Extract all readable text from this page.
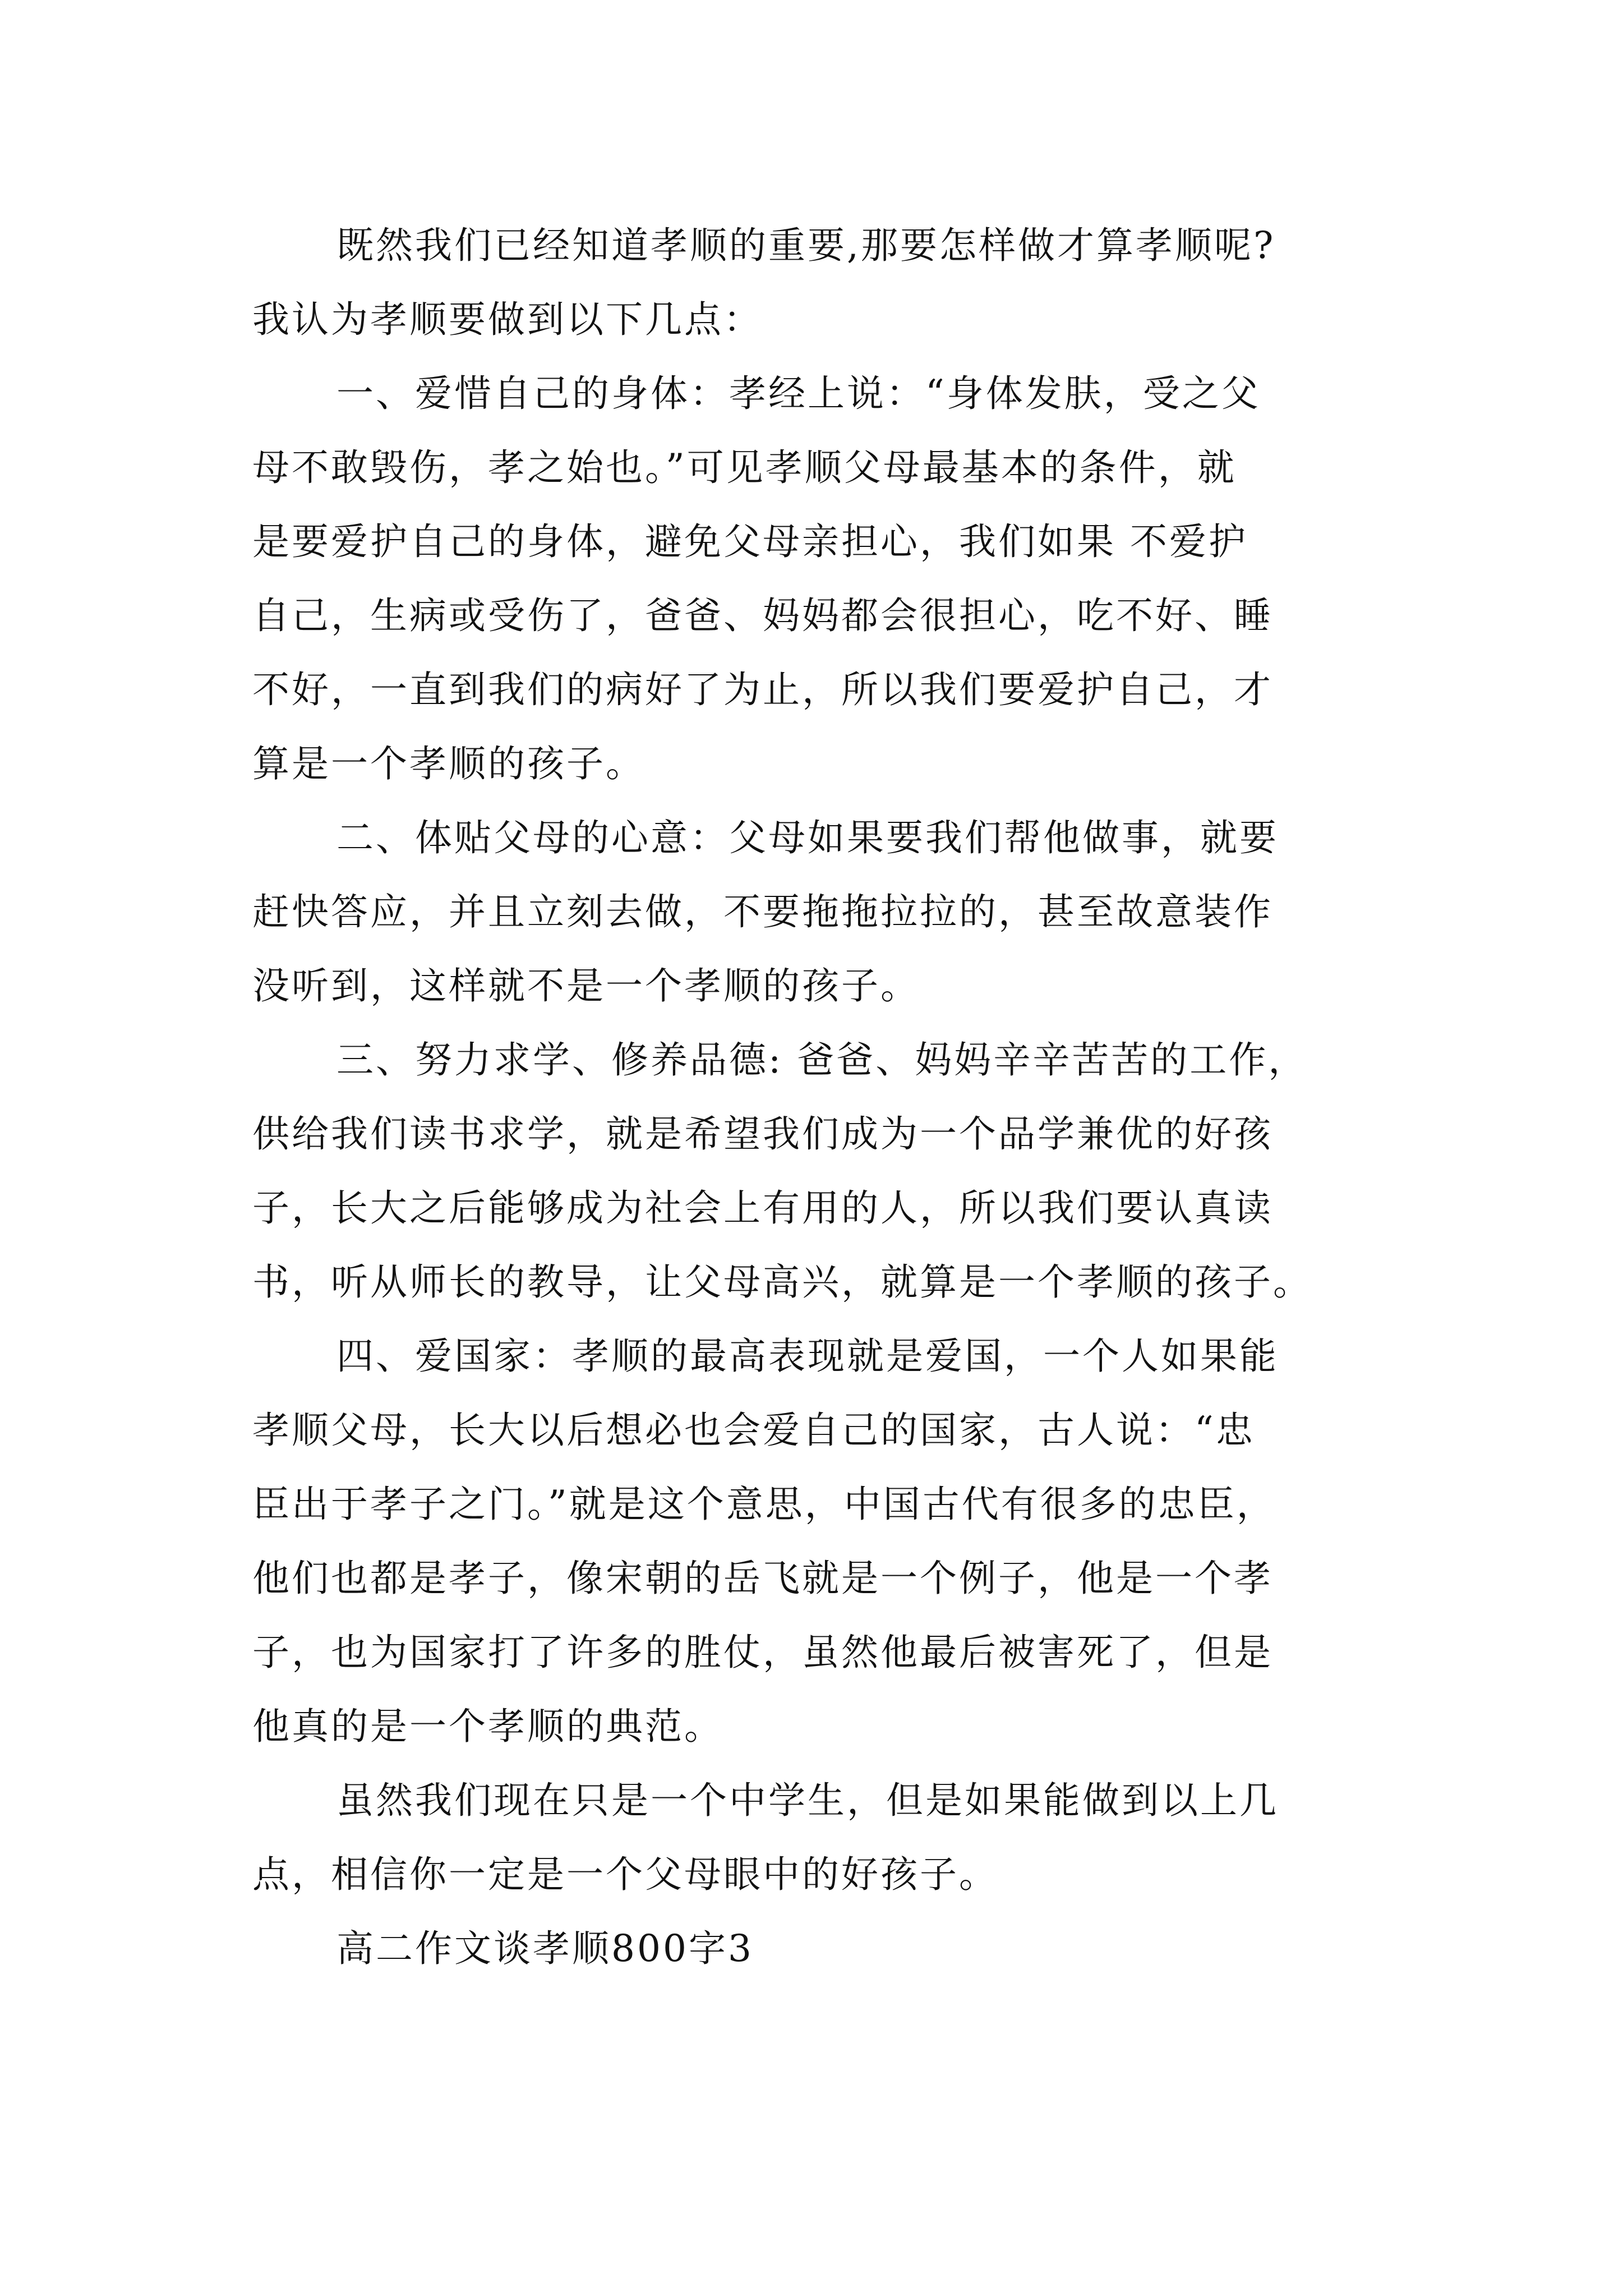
既然我们已经知道孝顺的重要,那要怎样做才算孝顺呢?
我认为孝顺要做到以下几点：
一、爱惜自己的身体：孝经上说：“身体发肤，受之父
母不敢毁伤，孝之始也。”可见孝顺父母最基本的条件，就
是要爱护自己的身体，避免父母亲担心，我们如果 不爱护
自己，生病或受伤了，爸爸、妈妈都会很担心，吃不好、睡
不好，一直到我们的病好了为止，所以我们要爱护自己，才
算是一个孝顺的孩子。
二、体贴父母的心意：父母如果要我们帮他做事，就要
赶快答应，并且立刻去做，不要拖拖拉拉的，甚至故意装作
没听到，这样就不是一个孝顺的孩子。
三、努力求学、修养品德: 爸爸、妈妈辛辛苦苦的工作，
供给我们读书求学，就是希望我们成为一个品学兼优的好孩
子，长大之后能够成为社会上有用的人，所以我们要认真读
书，听从师长的教导，让父母高兴，就算是一个孝顺的孩子。
四、爱国家：孝顺的最高表现就是爱国，一个人如果能
孝顺父母，长大以后想必也会爱自己的国家，古人说：“忠
臣出于孝子之门。”就是这个意思，中国古代有很多的忠臣，
他们也都是孝子，像宋朝的岳飞就是一个例子，他是一个孝
子，也为国家打了许多的胜仗，虽然他最后被害死了，但是
他真的是一个孝顺的典范。
虽然我们现在只是一个中学生，但是如果能做到以上几
点，相信你一定是一个父母眼中的好孩子。
高二作文谈孝顺800字3
